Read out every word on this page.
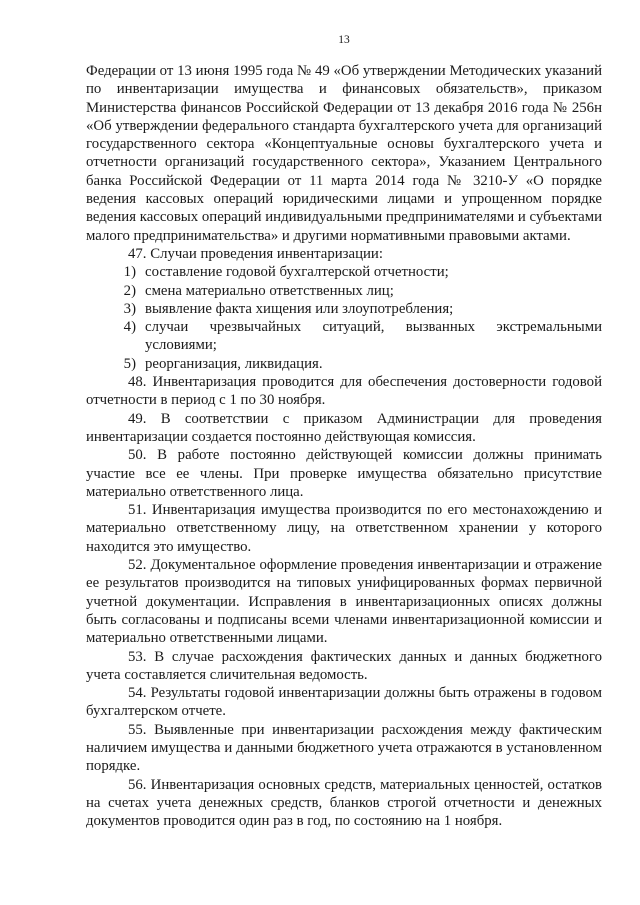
13

Федерации от 13 июня 1995 года № 49 «Об утверждении Методических указаний по инвентаризации имущества и финансовых обязательств», приказом Министерства финансов Российской Федерации от 13 декабря 2016 года № 256н «Об утверждении федерального стандарта бухгалтерского учета для организаций государственного сектора «Концептуальные основы бухгалтерского учета и отчетности организаций государственного сектора», Указанием Центрального банка Российской Федерации от 11 марта 2014 года № 3210-У «О порядке ведения кассовых операций юридическими лицами и упрощенном порядке ведения кассовых операций индивидуальными предпринимателями и субъектами малого предпринимательства» и другими нормативными правовыми актами.

47. Случаи проведения инвентаризации:

1) составление годовой бухгалтерской отчетности;
2) смена материально ответственных лиц;
3) выявление факта хищения или злоупотребления;
4) случаи чрезвычайных ситуаций, вызванных экстремальными условиями;
5) реорганизация, ликвидация.

48. Инвентаризация проводится для обеспечения достоверности годовой отчетности в период с 1 по 30 ноября.

49. В соответствии с приказом Администрации для проведения инвентаризации создается постоянно действующая комиссия.

50. В работе постоянно действующей комиссии должны принимать участие все ее члены. При проверке имущества обязательно присутствие материально ответственного лица.

51. Инвентаризация имущества производится по его местонахождению и материально ответственному лицу, на ответственном хранении у которого находится это имущество.

52. Документальное оформление проведения инвентаризации и отражение ее результатов производится на типовых унифицированных формах первичной учетной документации. Исправления в инвентаризационных описях должны быть согласованы и подписаны всеми членами инвентаризационной комиссии и материально ответственными лицами.

53. В случае расхождения фактических данных и данных бюджетного учета составляется сличительная ведомость.

54. Результаты годовой инвентаризации должны быть отражены в годовом бухгалтерском отчете.

55. Выявленные при инвентаризации расхождения между фактическим наличием имущества и данными бюджетного учета отражаются в установленном порядке.

56. Инвентаризация основных средств, материальных ценностей, остатков на счетах учета денежных средств, бланков строгой отчетности и денежных документов проводится один раз в год, по состоянию на 1 ноября.
